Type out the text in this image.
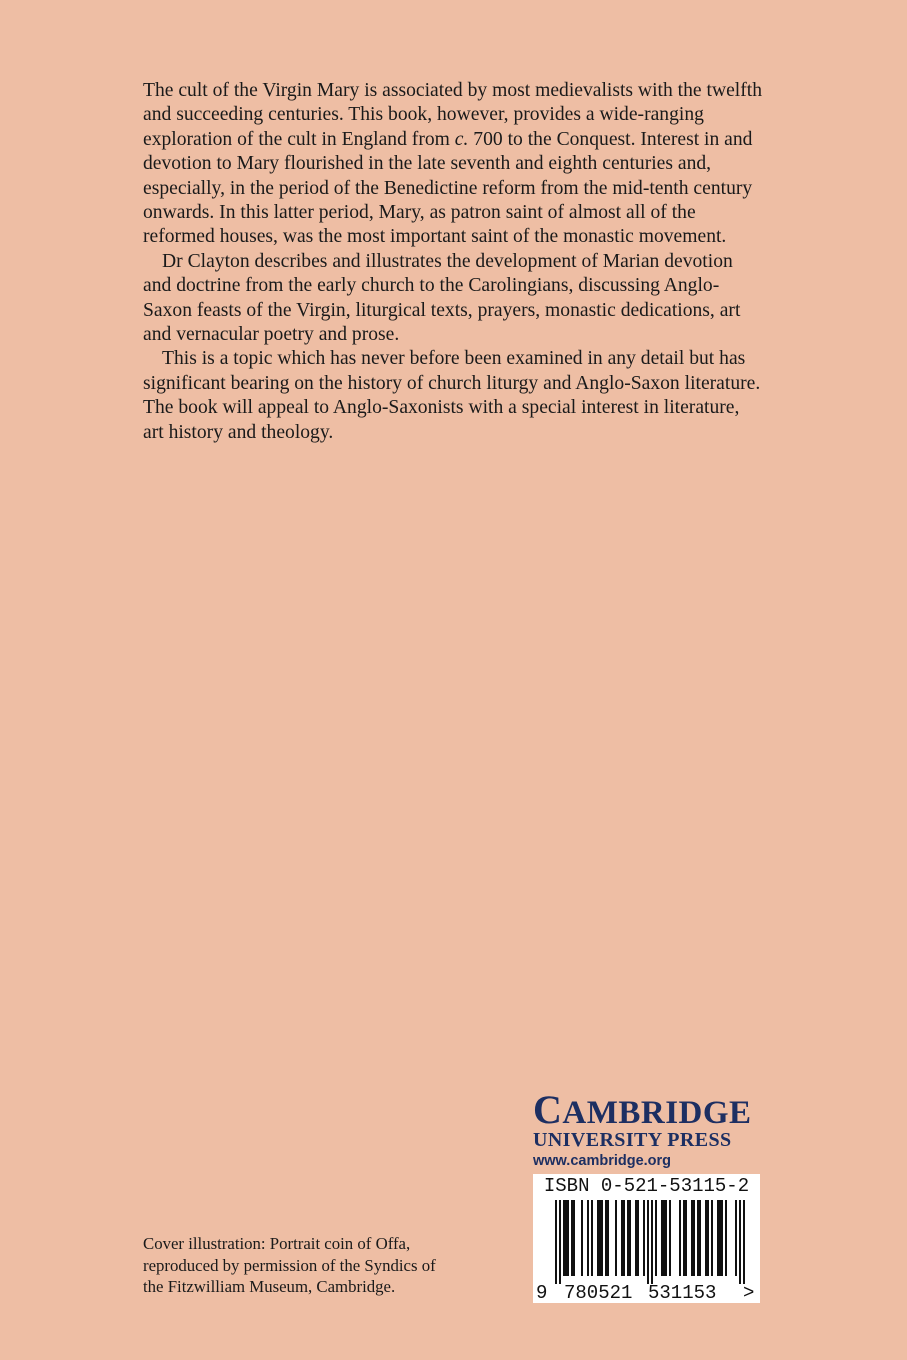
The cult of the Virgin Mary is associated by most medievalists with the twelfth and succeeding centuries. This book, however, provides a wide-ranging exploration of the cult in England from c. 700 to the Conquest. Interest in and devotion to Mary flourished in the late seventh and eighth centuries and, especially, in the period of the Benedictine reform from the mid-tenth century onwards. In this latter period, Mary, as patron saint of almost all of the reformed houses, was the most important saint of the monastic movement.

Dr Clayton describes and illustrates the development of Marian devotion and doctrine from the early church to the Carolingians, discussing Anglo-Saxon feasts of the Virgin, liturgical texts, prayers, monastic dedications, art and vernacular poetry and prose.

This is a topic which has never before been examined in any detail but has significant bearing on the history of church liturgy and Anglo-Saxon literature. The book will appeal to Anglo-Saxonists with a special interest in literature, art history and theology.

CAMBRIDGE
UNIVERSITY PRESS
www.cambridge.org
ISBN 0-521-53115-2
9 780521 531153 >
Cover illustration: Portrait coin of Offa,
reproduced by permission of the Syndics of
the Fitzwilliam Museum, Cambridge.
